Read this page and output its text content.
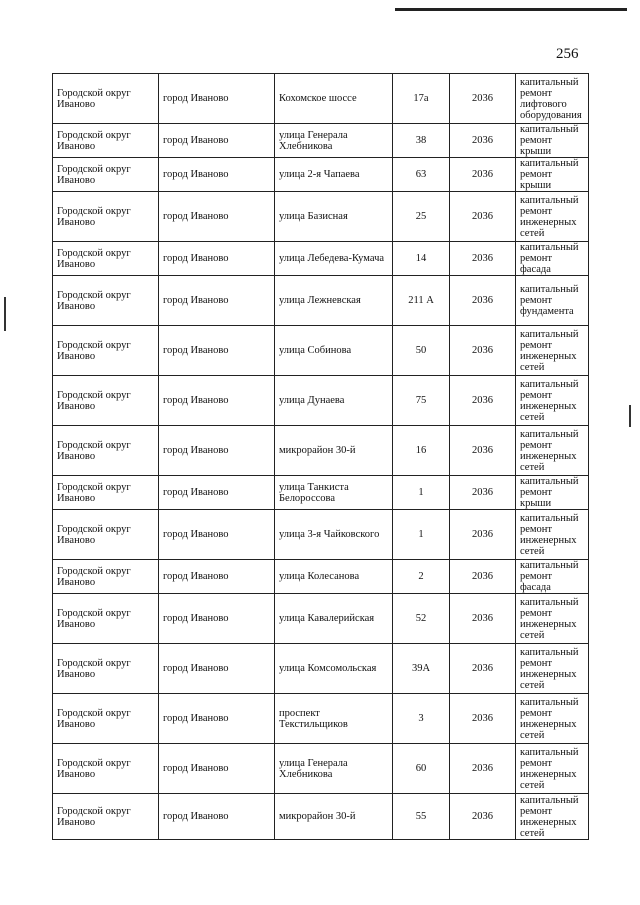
256
Городской округ Иваново	город Иваново	Кохомское шоссе	17а	2036	капитальный ремонт лифтового оборудования
Городской округ Иваново	город Иваново	улица Генерала Хлебникова	38	2036	капитальный ремонт крыши
Городской округ Иваново	город Иваново	улица 2-я Чапаева	63	2036	капитальный ремонт крыши
Городской округ Иваново	город Иваново	улица Базисная	25	2036	капитальный ремонт инженерных сетей
Городской округ Иваново	город Иваново	улица Лебедева-Кумача	14	2036	капитальный ремонт фасада
Городской округ Иваново	город Иваново	улица Лежневская	211 А	2036	капитальный ремонт фундамента
Городской округ Иваново	город Иваново	улица Собинова	50	2036	капитальный ремонт инженерных сетей
Городской округ Иваново	город Иваново	улица Дунаева	75	2036	капитальный ремонт инженерных сетей
Городской округ Иваново	город Иваново	микрорайон 30-й	16	2036	капитальный ремонт инженерных сетей
Городской округ Иваново	город Иваново	улица Танкиста Белороссова	1	2036	капитальный ремонт крыши
Городской округ Иваново	город Иваново	улица 3-я Чайковского	1	2036	капитальный ремонт инженерных сетей
Городской округ Иваново	город Иваново	улица Колесанова	2	2036	капитальный ремонт фасада
Городской округ Иваново	город Иваново	улица Кавалерийская	52	2036	капитальный ремонт инженерных сетей
Городской округ Иваново	город Иваново	улица Комсомольская	39А	2036	капитальный ремонт инженерных сетей
Городской округ Иваново	город Иваново	проспект Текстильщиков	3	2036	капитальный ремонт инженерных сетей
Городской округ Иваново	город Иваново	улица Генерала Хлебникова	60	2036	капитальный ремонт инженерных сетей
Городской округ Иваново	город Иваново	микрорайон 30-й	55	2036	капитальный ремонт инженерных сетей
